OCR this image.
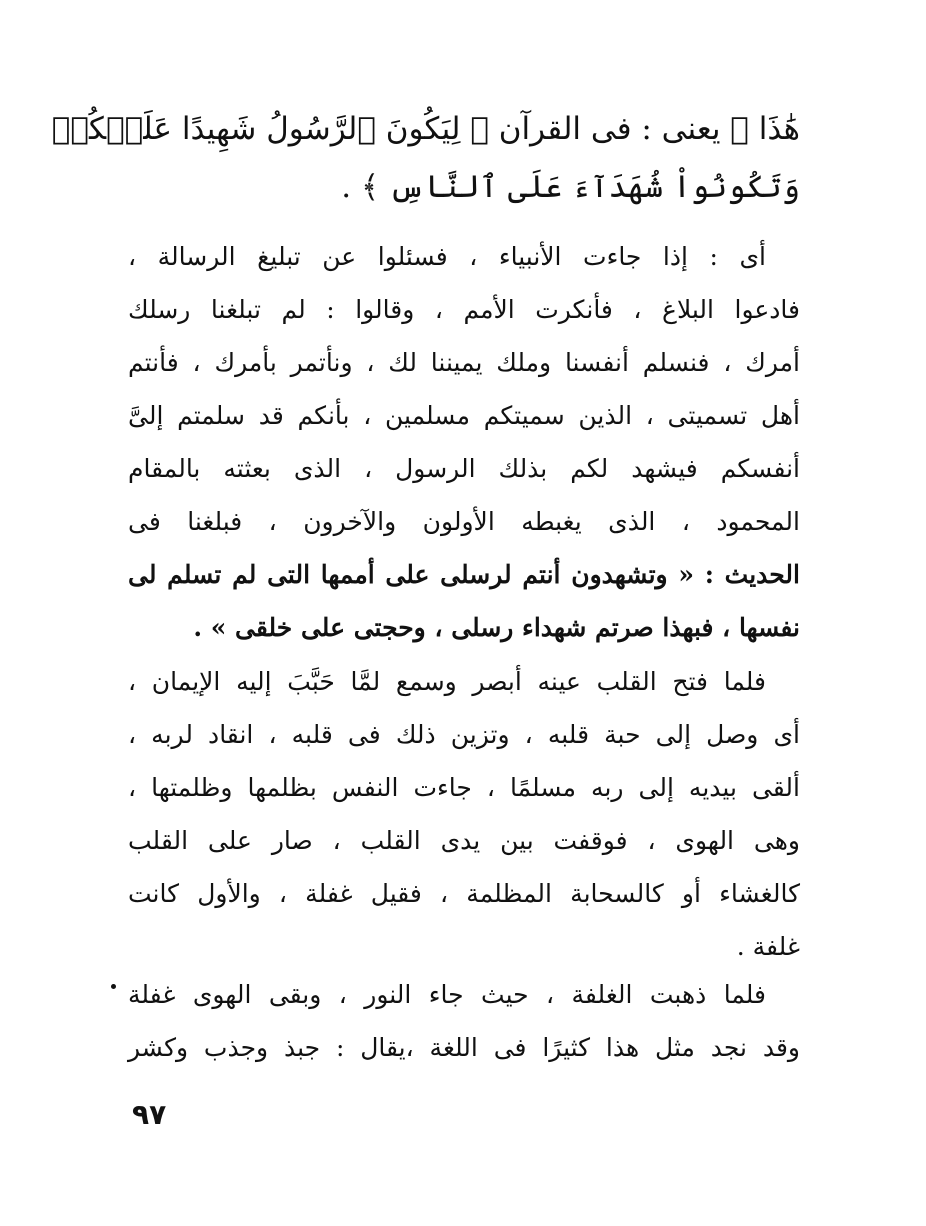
هَٰذَا ﴾ يعنى : فى القرآن ﴿ لِيَكُونَ ٱلرَّسُولُ شَهِيدًا عَلَيۡكُمۡ
وَتَكُونُواْ شُهَدَآءَ عَلَى ٱلنَّاسِ ﴾ .
أى : إذا جاءت الأنبياء ، فسئلوا عن تبليغ الرسالة ،
فادعوا البلاغ ، فأنكرت الأمم ، وقالوا : لم تبلغنا رسلك
أمرك ، فنسلم أنفسنا وملك يميننا لك ، ونأتمر بأمرك ، فأنتم
أهل تسميتى ، الذين سميتكم مسلمين ، بأنكم قد سلمتم إلىَّ
أنفسكم فيشهد لكم بذلك الرسول ، الذى بعثته بالمقام
المحمود ، الذى يغبطه الأولون والآخرون ، فبلغنا فى
الحديث : « وتشهدون أنتم لرسلى على أممها التى لم تسلم لى
نفسها ، فبهذا صرتم شهداء رسلى ، وحجتى على خلقى » .
فلما فتح القلب عينه أبصر وسمع لمَّا حَبَّبَ إليه الإيمان ،
أى وصل إلى حبة قلبه ، وتزين ذلك فى قلبه ، انقاد لربه ،
ألقى بيديه إلى ربه مسلمًا ، جاءت النفس بظلمها وظلمتها ،
وهى الهوى ، فوقفت بين يدى القلب ، صار على القلب
كالغشاء أو كالسحابة المظلمة ، فقيل غفلة ، والأول كانت
غلفة .
فلما ذهبت الغلفة ، حيث جاء النور ، وبقى الهوى غفلة
وقد نجد مثل هذا كثيرًا فى اللغة ،يقال : جبذ وجذب وكشر
٩٧
